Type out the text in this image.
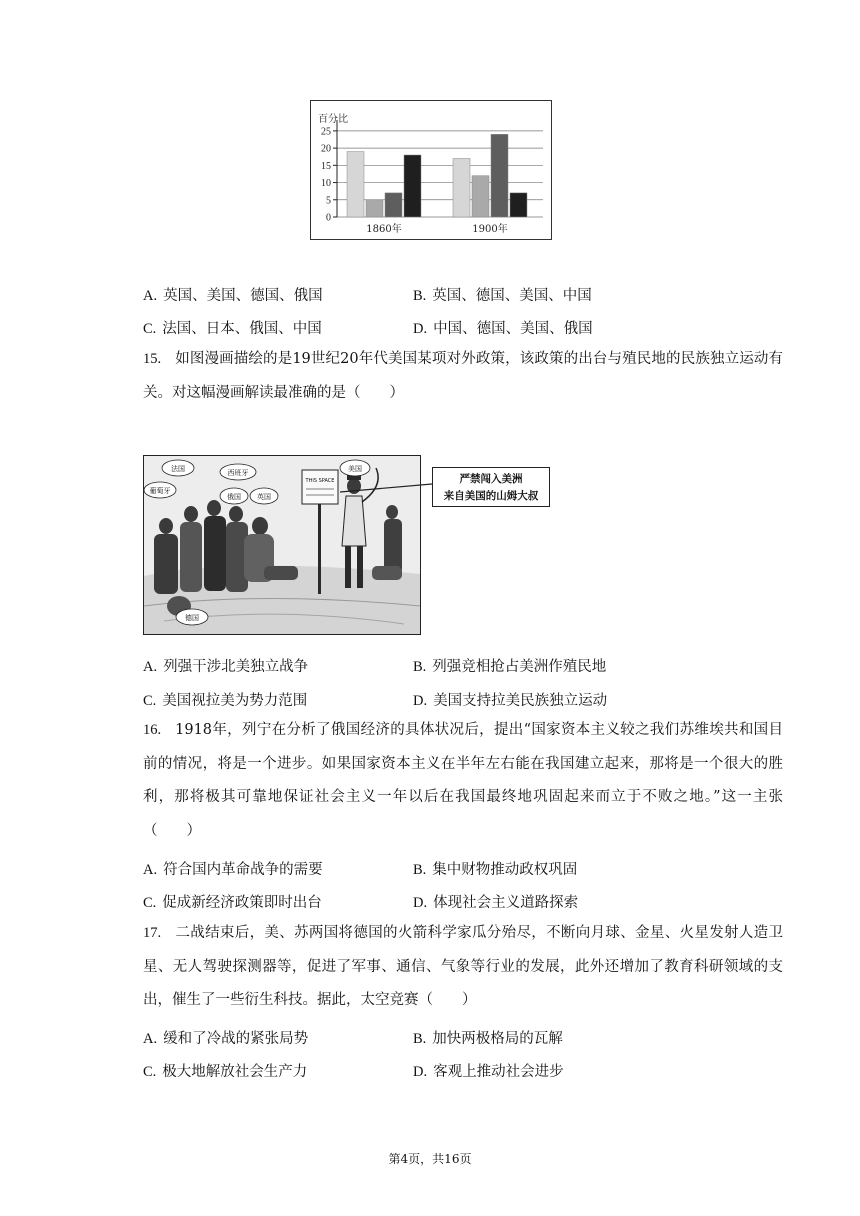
百分比
0
5
10
15
20
25
1860年	1900年
A. 英国、美国、德国、俄国	B. 英国、德国、美国、中国
C. 法国、日本、俄国、中国	D. 中国、德国、美国、俄国
15. 如图漫画描绘的是19世纪20年代美国某项对外政策，该政策的出台与殖民地的民族独立运动有关。对这幅漫画解读最准确的是（　　）
THIS SPACE
法国	西班牙
葡萄牙
英国
美国
俄国
德国
严禁闯入美洲
来自美国的山姆大叔
A. 列强干涉北美独立战争	B. 列强竞相抢占美洲作殖民地
C. 美国视拉美为势力范围	D. 美国支持拉美民族独立运动
16. 1918年，列宁在分析了俄国经济的具体状况后，提出“国家资本主义较之我们苏维埃共和国目前的情况，将是一个进步。如果国家资本主义在半年左右能在我国建立起来，那将是一个很大的胜利，那将极其可靠地保证社会主义一年以后在我国最终地巩固起来而立于不败之地。”这一主张（　　）
A. 符合国内革命战争的需要	B. 集中财物推动政权巩固
C. 促成新经济政策即时出台	D. 体现社会主义道路探索
17. 二战结束后，美、苏两国将德国的火箭科学家瓜分殆尽，不断向月球、金星、火星发射人造卫星、无人驾驶探测器等，促进了军事、通信、气象等行业的发展，此外还增加了教育科研领域的支出，催生了一些衍生科技。据此，太空竞赛（　　）
A. 缓和了冷战的紧张局势	B. 加快两极格局的瓦解
C. 极大地解放社会生产力	D. 客观上推动社会进步
第4页，共16页
